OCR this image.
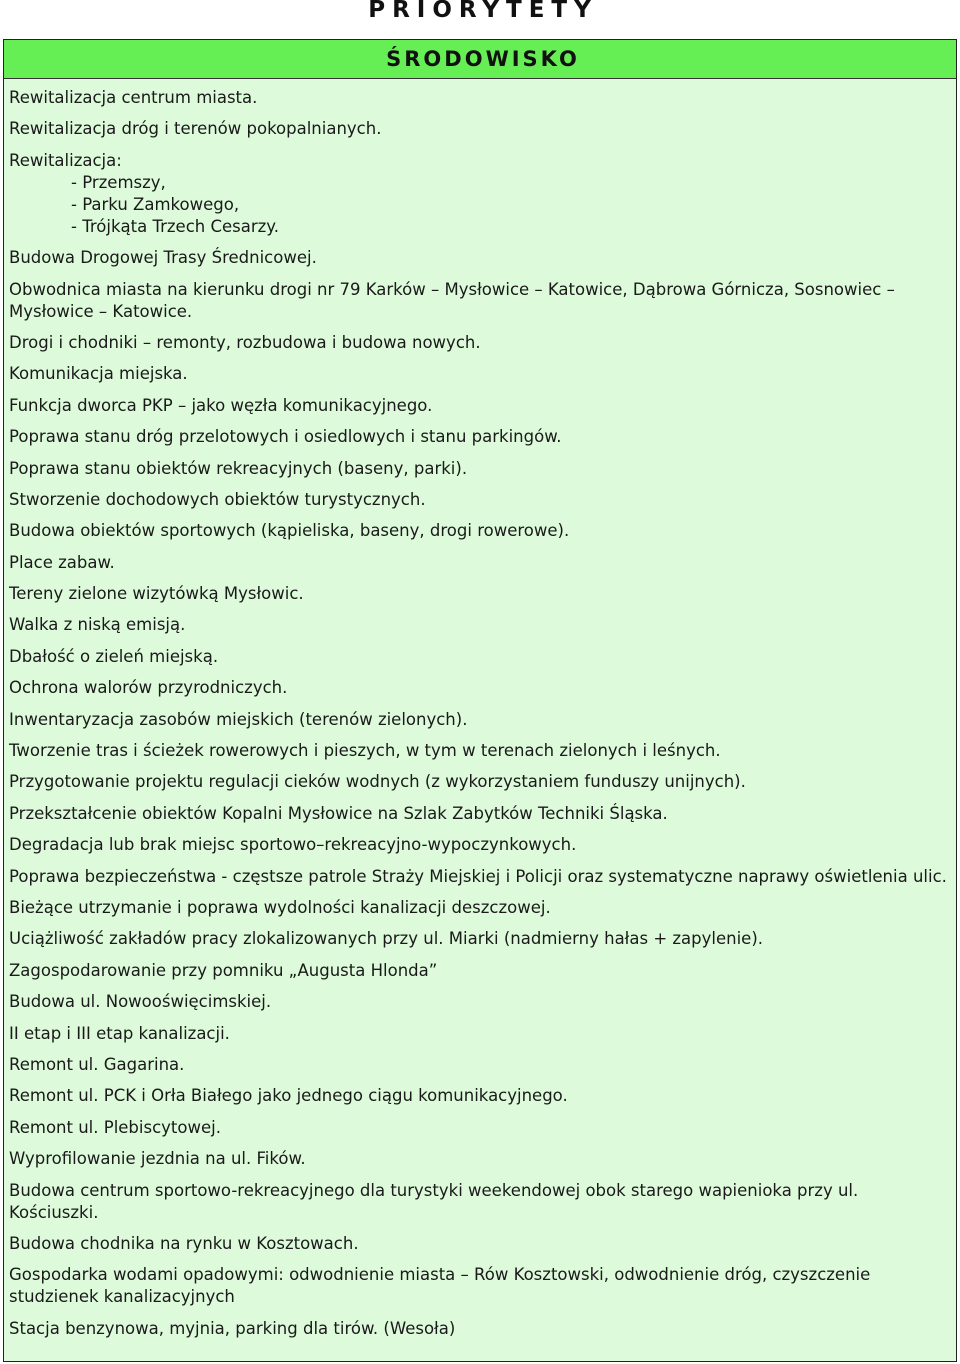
PRIORYTETY
ŚRODOWISKO
Rewitalizacja centrum miasta.
Rewitalizacja dróg i terenów pokopalnianych.
Rewitalizacja:
- Przemszy,
- Parku Zamkowego,
- Trójkąta Trzech Cesarzy.
Budowa Drogowej Trasy Średnicowej.
Obwodnica miasta na kierunku drogi nr 79 Karków – Mysłowice – Katowice, Dąbrowa Górnicza, Sosnowiec – Mysłowice – Katowice.
Drogi i chodniki – remonty, rozbudowa i budowa nowych.
Komunikacja miejska.
Funkcja dworca PKP – jako węzła komunikacyjnego.
Poprawa stanu dróg przelotowych i osiedlowych i stanu parkingów.
Poprawa stanu obiektów rekreacyjnych (baseny, parki).
Stworzenie dochodowych obiektów turystycznych.
Budowa obiektów sportowych (kąpieliska, baseny, drogi rowerowe).
Place zabaw.
Tereny zielone wizytówką Mysłowic.
Walka z niską emisją.
Dbałość o zieleń miejską.
Ochrona walorów przyrodniczych.
Inwentaryzacja zasobów miejskich (terenów zielonych).
Tworzenie tras i ścieżek rowerowych i pieszych, w tym w terenach zielonych i leśnych.
Przygotowanie projektu regulacji cieków wodnych (z wykorzystaniem funduszy unijnych).
Przekształcenie obiektów Kopalni Mysłowice na Szlak Zabytków Techniki Śląska.
Degradacja lub brak miejsc sportowo–rekreacyjno-wypoczynkowych.
Poprawa bezpieczeństwa - częstsze patrole Straży Miejskiej i Policji oraz systematyczne naprawy oświetlenia ulic.
Bieżące utrzymanie i poprawa wydolności kanalizacji deszczowej.
Uciążliwość zakładów pracy zlokalizowanych przy ul. Miarki (nadmierny hałas + zapylenie).
Zagospodarowanie przy pomniku „Augusta Hlonda”
Budowa ul. Nowooświęcimskiej.
II etap i III etap kanalizacji.
Remont ul. Gagarina.
Remont ul. PCK i Orła Białego jako jednego ciągu komunikacyjnego.
Remont ul. Plebiscytowej.
Wyprofilowanie jezdnia na ul. Fików.
Budowa centrum sportowo-rekreacyjnego dla turystyki weekendowej obok starego wapienioka przy ul. Kościuszki.
Budowa chodnika na rynku w Kosztowach.
Gospodarka wodami opadowymi: odwodnienie miasta – Rów Kosztowski, odwodnienie dróg, czyszczenie studzienek kanalizacyjnych
Stacja benzynowa, myjnia, parking dla tirów. (Wesoła)
